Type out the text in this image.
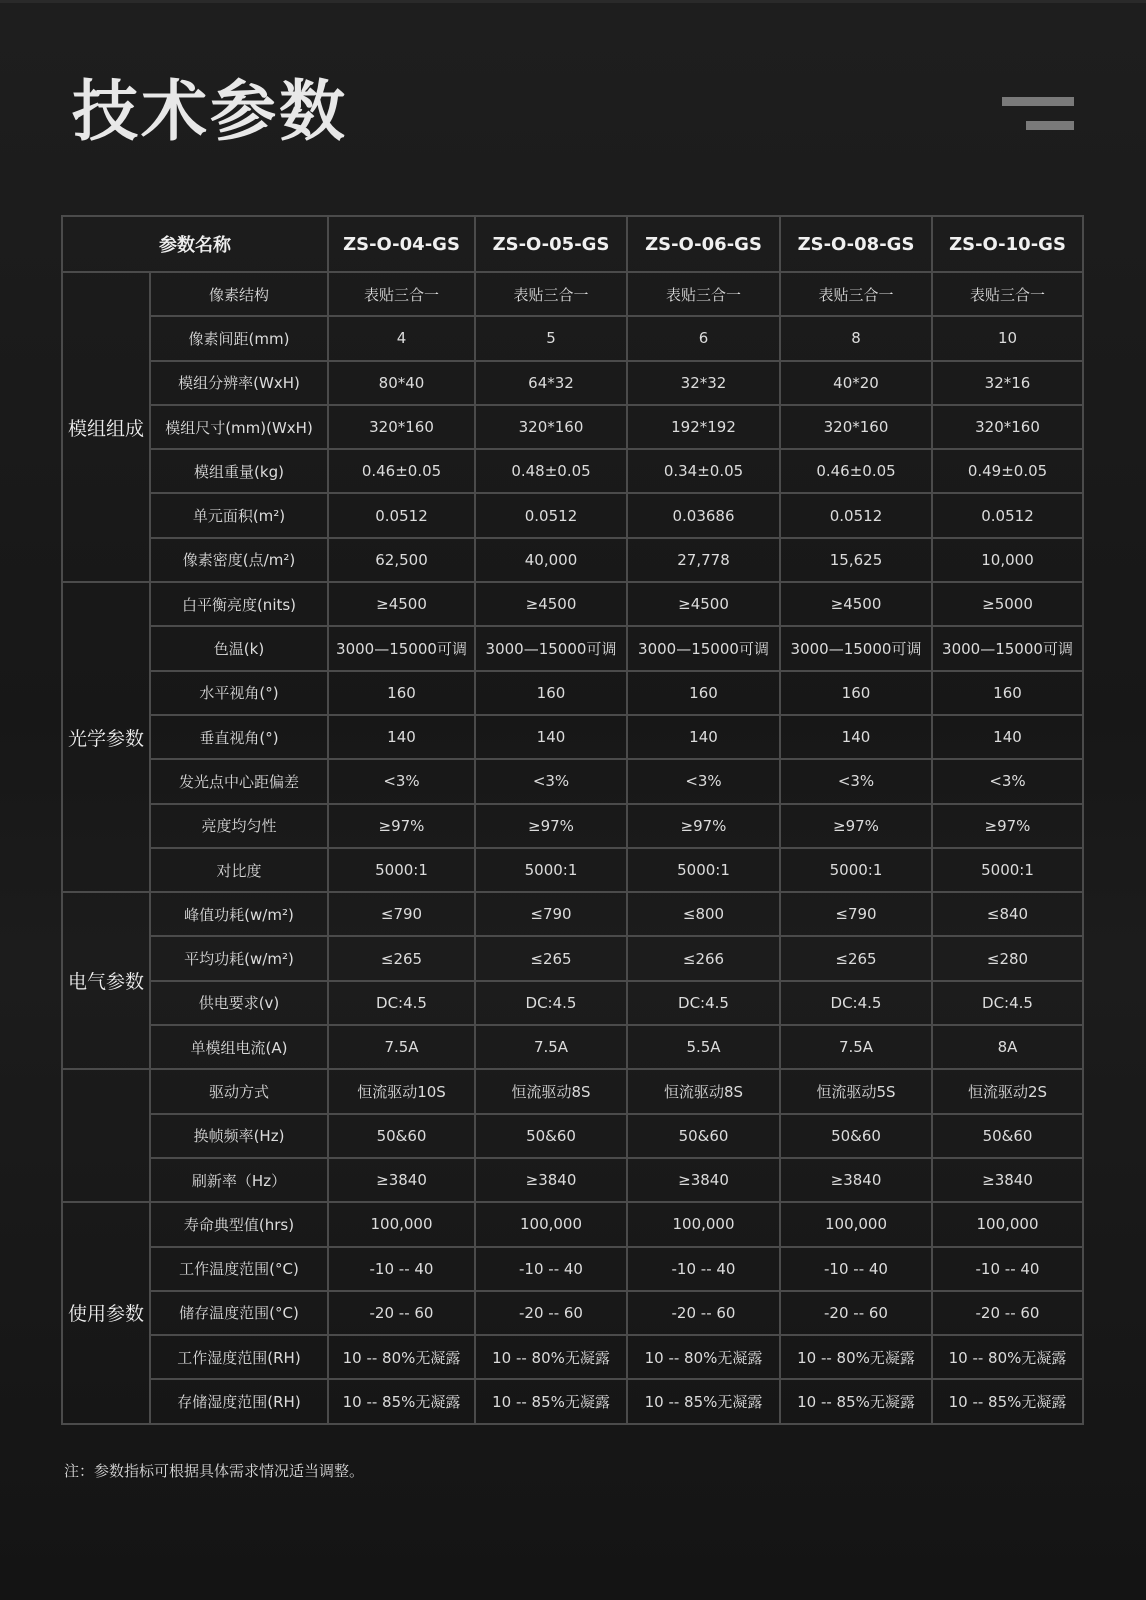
技术参数
参数名称		ZS-O-04-GS	ZS-O-05-GS	ZS-O-06-GS	ZS-O-08-GS	ZS-O-10-GS
模组组成	像素结构	表贴三合一	表贴三合一	表贴三合一	表贴三合一	表贴三合一
	像素间距(mm)	4	5	6	8	10
	模组分辨率(WxH)	80*40	64*32	32*32	40*20	32*16
	模组尺寸(mm)(WxH)	320*160	320*160	192*192	320*160	320*160
	模组重量(kg)	0.46±0.05	0.48±0.05	0.34±0.05	0.46±0.05	0.49±0.05
	单元面积(m²)	0.0512	0.0512	0.03686	0.0512	0.0512
	像素密度(点/m²)	62,500	40,000	27,778	15,625	10,000
光学参数	白平衡亮度(nits)	≥4500	≥4500	≥4500	≥4500	≥5000
	色温(k)	3000—15000可调	3000—15000可调	3000—15000可调	3000—15000可调	3000—15000可调
	水平视角(°)	160	160	160	160	160
	垂直视角(°)	140	140	140	140	140
	发光点中心距偏差	<3%	<3%	<3%	<3%	<3%
	亮度均匀性	≥97%	≥97%	≥97%	≥97%	≥97%
	对比度	5000:1	5000:1	5000:1	5000:1	5000:1
电气参数	峰值功耗(w/m²)	≤790	≤790	≤800	≤790	≤840
	平均功耗(w/m²)	≤265	≤265	≤266	≤265	≤280
	供电要求(v)	DC:4.5	DC:4.5	DC:4.5	DC:4.5	DC:4.5
	单模组电流(A)	7.5A	7.5A	5.5A	7.5A	8A
	驱动方式	恒流驱动10S	恒流驱动8S	恒流驱动8S	恒流驱动5S	恒流驱动2S
	换帧频率(Hz)	50&60	50&60	50&60	50&60	50&60
	刷新率（Hz）	≥3840	≥3840	≥3840	≥3840	≥3840
使用参数	寿命典型值(hrs)	100,000	100,000	100,000	100,000	100,000
	工作温度范围(°C)	-10 -- 40	-10 -- 40	-10 -- 40	-10 -- 40	-10 -- 40
	储存温度范围(°C)	-20 -- 60	-20 -- 60	-20 -- 60	-20 -- 60	-20 -- 60
	工作湿度范围(RH)	10 -- 80%无凝露	10 -- 80%无凝露	10 -- 80%无凝露	10 -- 80%无凝露	10 -- 80%无凝露
	存储湿度范围(RH)	10 -- 85%无凝露	10 -- 85%无凝露	10 -- 85%无凝露	10 -- 85%无凝露	10 -- 85%无凝露

注：参数指标可根据具体需求情况适当调整。
